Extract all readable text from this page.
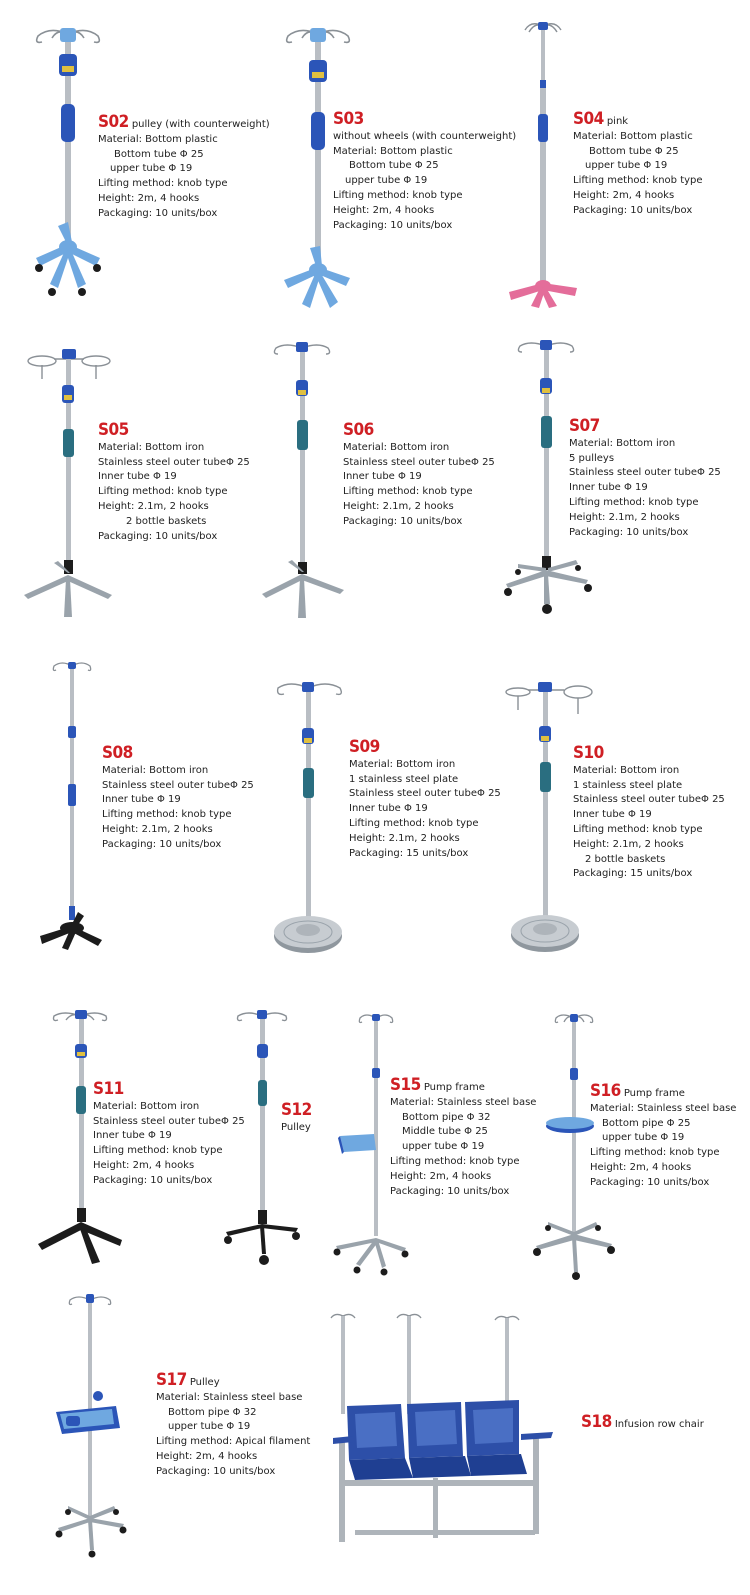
S02 pulley (with counterweight)
Material: Bottom plastic
Bottom tube Φ 25
upper tube Φ 19
Lifting method: knob type
Height: 2m, 4 hooks
Packaging: 10 units/box
S03
without wheels (with counterweight)
Material: Bottom plastic
Bottom tube Φ 25
upper tube Φ 19
Lifting method: knob type
Height: 2m, 4 hooks
Packaging: 10 units/box
S04 pink
Material: Bottom plastic
Bottom tube Φ 25
upper tube Φ 19
Lifting method: knob type
Height: 2m, 4 hooks
Packaging: 10 units/box
S05
Material: Bottom iron
Stainless steel outer tubeΦ 25
Inner tube Φ 19
Lifting method: knob type
Height: 2.1m, 2 hooks
2 bottle baskets
Packaging: 10 units/box
S06
Material: Bottom iron
Stainless steel outer tubeΦ 25
Inner tube Φ 19
Lifting method: knob type
Height: 2.1m, 2 hooks
Packaging: 10 units/box
S07
Material: Bottom iron
5 pulleys
Stainless steel outer tubeΦ 25
Inner tube Φ 19
Lifting method: knob type
Height: 2.1m, 2 hooks
Packaging: 10 units/box
S08
Material: Bottom iron
Stainless steel outer tubeΦ 25
Inner tube Φ 19
Lifting method: knob type
Height: 2.1m, 2 hooks
Packaging: 10 units/box
S09
Material: Bottom iron
1 stainless steel plate
Stainless steel outer tubeΦ 25
Inner tube Φ 19
Lifting method: knob type
Height: 2.1m, 2 hooks
Packaging: 15 units/box
S10
Material: Bottom iron
1 stainless steel plate
Stainless steel outer tubeΦ 25
Inner tube Φ 19
Lifting method: knob type
Height: 2.1m, 2 hooks
2 bottle baskets
Packaging: 15 units/box
S11
Material: Bottom iron
Stainless steel outer tubeΦ 25
Inner tube Φ 19
Lifting method: knob type
Height: 2m, 4 hooks
Packaging: 10 units/box
S12
Pulley
S15 Pump frame
Material: Stainless steel base
Bottom pipe Φ 32
Middle tube Φ 25
upper tube Φ 19
Lifting method: knob type
Height: 2m, 4 hooks
Packaging: 10 units/box
S16 Pump frame
Material: Stainless steel base
Bottom pipe Φ 25
upper tube Φ 19
Lifting method: knob type
Height: 2m, 4 hooks
Packaging: 10 units/box
S17 Pulley
Material: Stainless steel base
Bottom pipe Φ 32
upper tube Φ 19
Lifting method: Apical filament
Height: 2m, 4 hooks
Packaging: 10 units/box
S18 Infusion row chair
